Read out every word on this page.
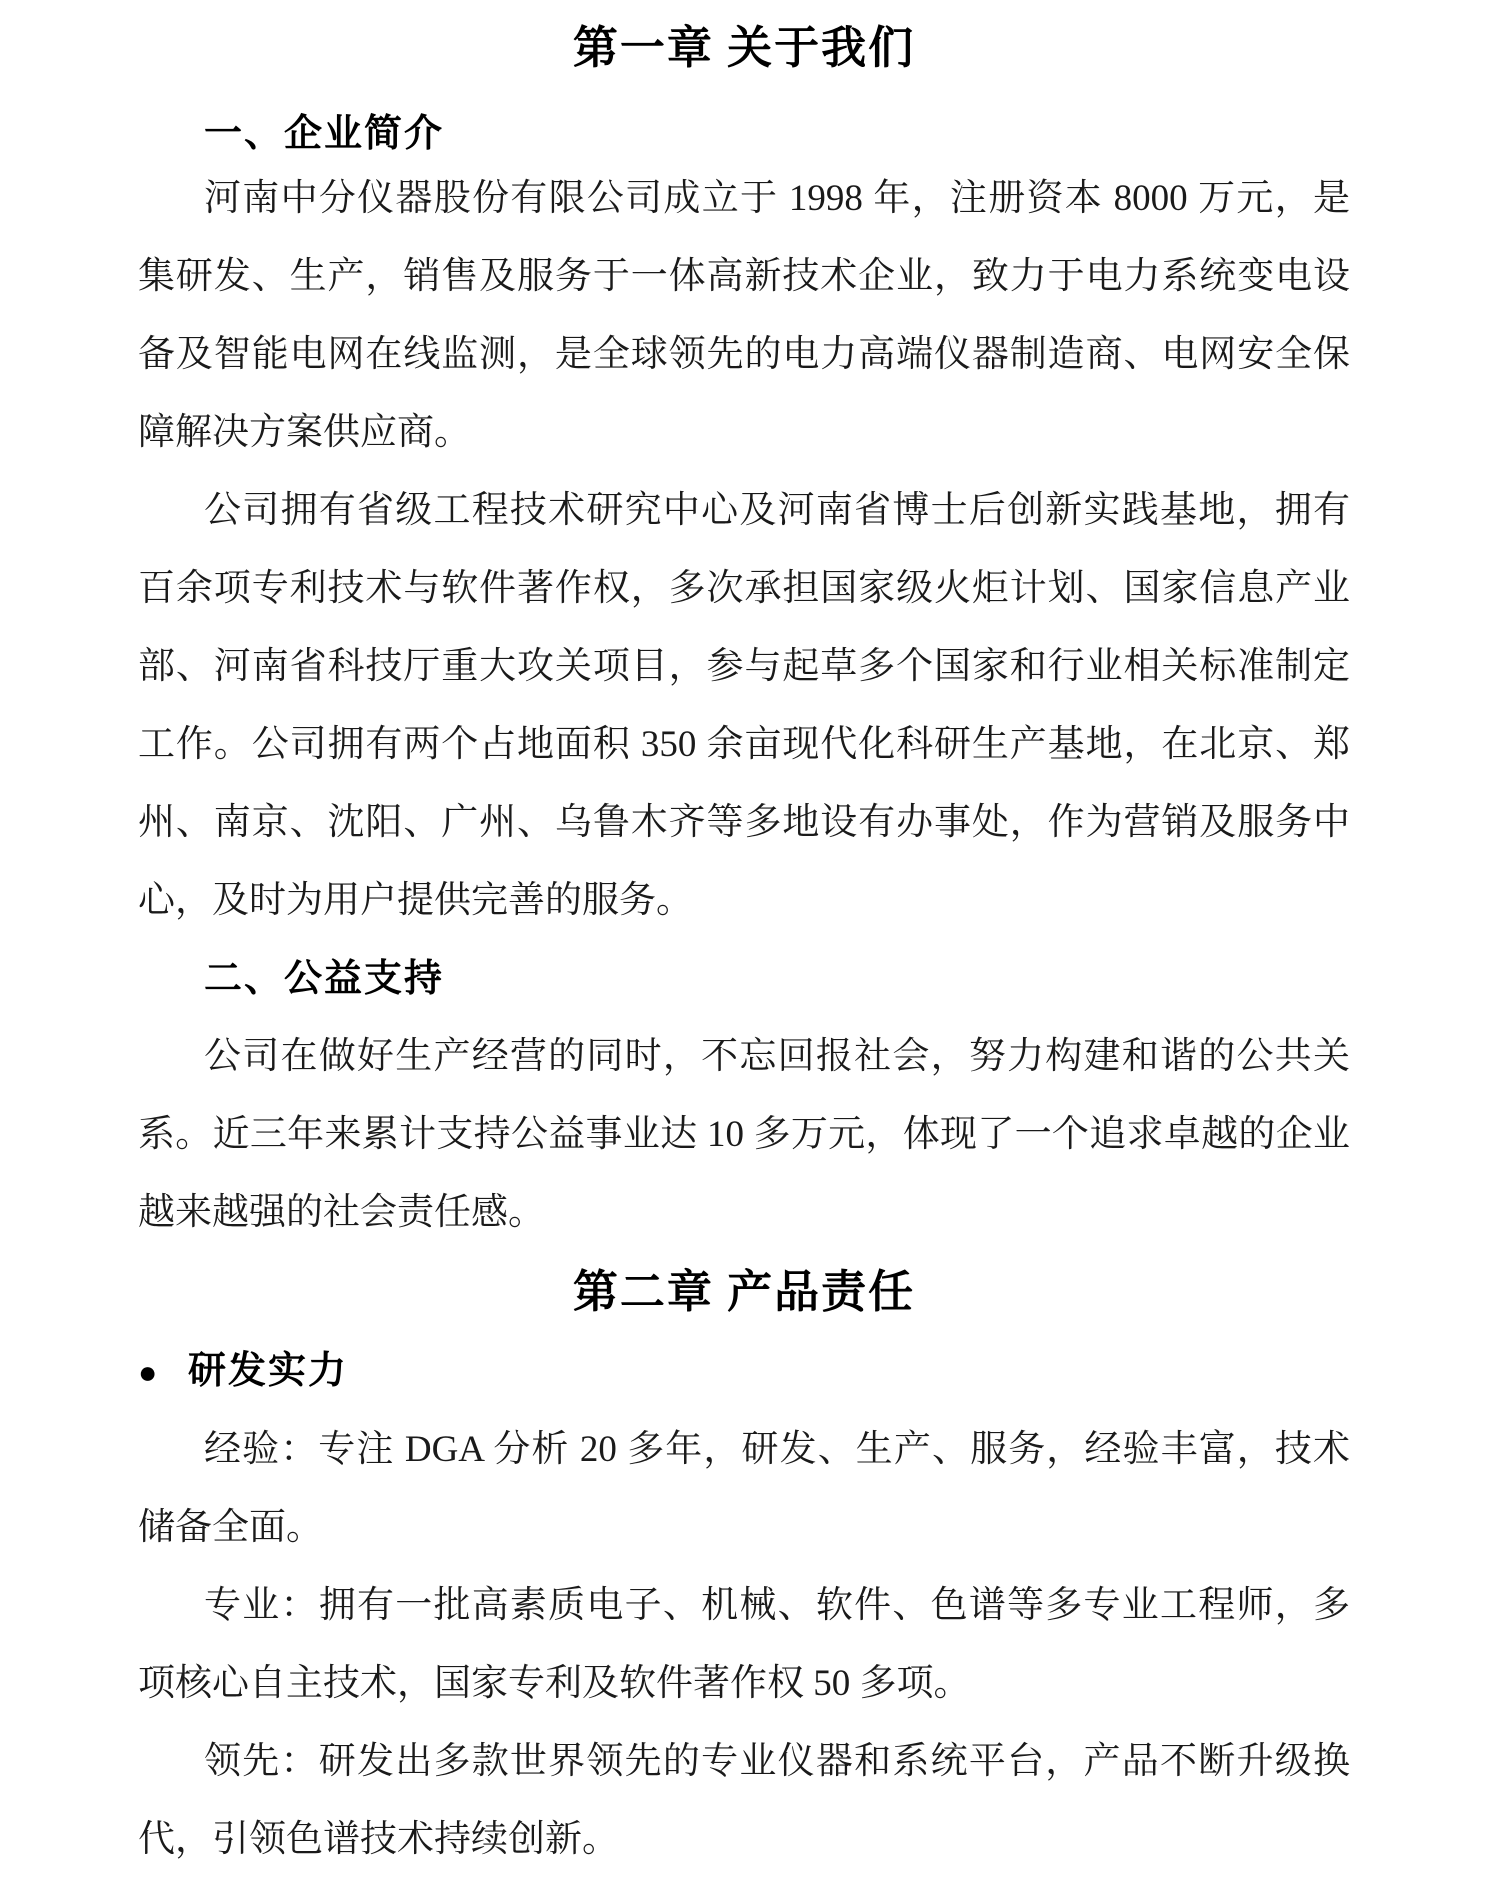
第一章 关于我们
一、企业简介

河南中分仪器股份有限公司成立于 1998 年，注册资本 8000 万元，是集研发、生产，销售及服务于一体高新技术企业，致力于电力系统变电设备及智能电网在线监测，是全球领先的电力高端仪器制造商、电网安全保障解决方案供应商。

公司拥有省级工程技术研究中心及河南省博士后创新实践基地，拥有百余项专利技术与软件著作权，多次承担国家级火炬计划、国家信息产业部、河南省科技厅重大攻关项目，参与起草多个国家和行业相关标准制定工作。公司拥有两个占地面积 350 余亩现代化科研生产基地，在北京、郑州、南京、沈阳、广州、乌鲁木齐等多地设有办事处，作为营销及服务中心，及时为用户提供完善的服务。

二、公益支持

公司在做好生产经营的同时，不忘回报社会，努力构建和谐的公共关系。近三年来累计支持公益事业达 10 多万元，体现了一个追求卓越的企业越来越强的社会责任感。

第二章 产品责任
● 研发实力

经验：专注 DGA 分析 20 多年，研发、生产、服务，经验丰富，技术储备全面。

专业：拥有一批高素质电子、机械、软件、色谱等多专业工程师，多项核心自主技术，国家专利及软件著作权 50 多项。

领先：研发出多款世界领先的专业仪器和系统平台，产品不断升级换代，引领色谱技术持续创新。
